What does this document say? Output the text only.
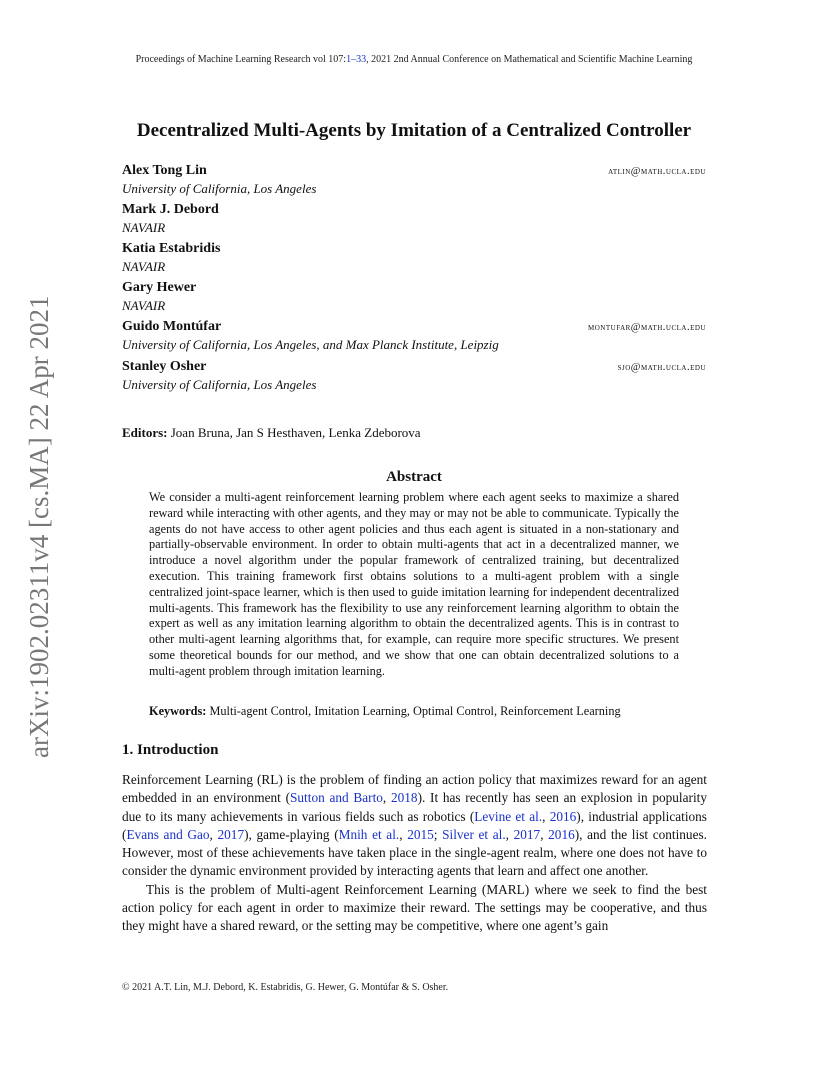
Proceedings of Machine Learning Research vol 107:1–33, 2021 2nd Annual Conference on Mathematical and Scientific Machine Learning
Decentralized Multi-Agents by Imitation of a Centralized Controller
Alex Tong Lin
University of California, Los Angeles
atlin@math.ucla.edu
Mark J. Debord
NAVAIR
Katia Estabridis
NAVAIR
Gary Hewer
NAVAIR
Guido Montúfar
University of California, Los Angeles, and Max Planck Institute, Leipzig
montufar@math.ucla.edu
Stanley Osher
University of California, Los Angeles
sjo@math.ucla.edu
arXiv:1902.02311v4 [cs.MA] 22 Apr 2021	Editors: Joan Bruna, Jan S Hesthaven, Lenka Zdeborova
Abstract
We consider a multi-agent reinforcement learning problem where each agent seeks to maximize a shared reward while interacting with other agents, and they may or may not be able to communicate. Typically the agents do not have access to other agent policies and thus each agent is situated in a non-stationary and partially-observable environment. In order to obtain multi-agents that act in a decentralized manner, we introduce a novel algorithm under the popular framework of centralized training, but decentralized execution. This training framework first obtains solutions to a multi-agent problem with a single centralized joint-space learner, which is then used to guide imitation learning for independent decentralized multi-agents. This framework has the flexibility to use any reinforcement learning algorithm to obtain the expert as well as any imitation learning algorithm to obtain the decentralized agents. This is in contrast to other multi-agent learning algorithms that, for example, can require more specific structures. We present some theoretical bounds for our method, and we show that one can obtain decentralized solutions to a multi-agent problem through imitation learning.
Keywords: Multi-agent Control, Imitation Learning, Optimal Control, Reinforcement Learning
1. Introduction

Reinforcement Learning (RL) is the problem of finding an action policy that maximizes reward for an agent embedded in an environment (Sutton and Barto, 2018). It has recently has seen an explosion in popularity due to its many achievements in various fields such as robotics (Levine et al., 2016), industrial applications (Evans and Gao, 2017), game-playing (Mnih et al., 2015; Silver et al., 2017, 2016), and the list continues. However, most of these achievements have taken place in the single-agent realm, where one does not have to consider the dynamic environment provided by interacting agents that learn and affect one another.

This is the problem of Multi-agent Reinforcement Learning (MARL) where we seek to find the best action policy for each agent in order to maximize their reward. The settings may be cooperative, and thus they might have a shared reward, or the setting may be competitive, where one agent’s gain

© 2021 A.T. Lin, M.J. Debord, K. Estabridis, G. Hewer, G. Montúfar & S. Osher.
